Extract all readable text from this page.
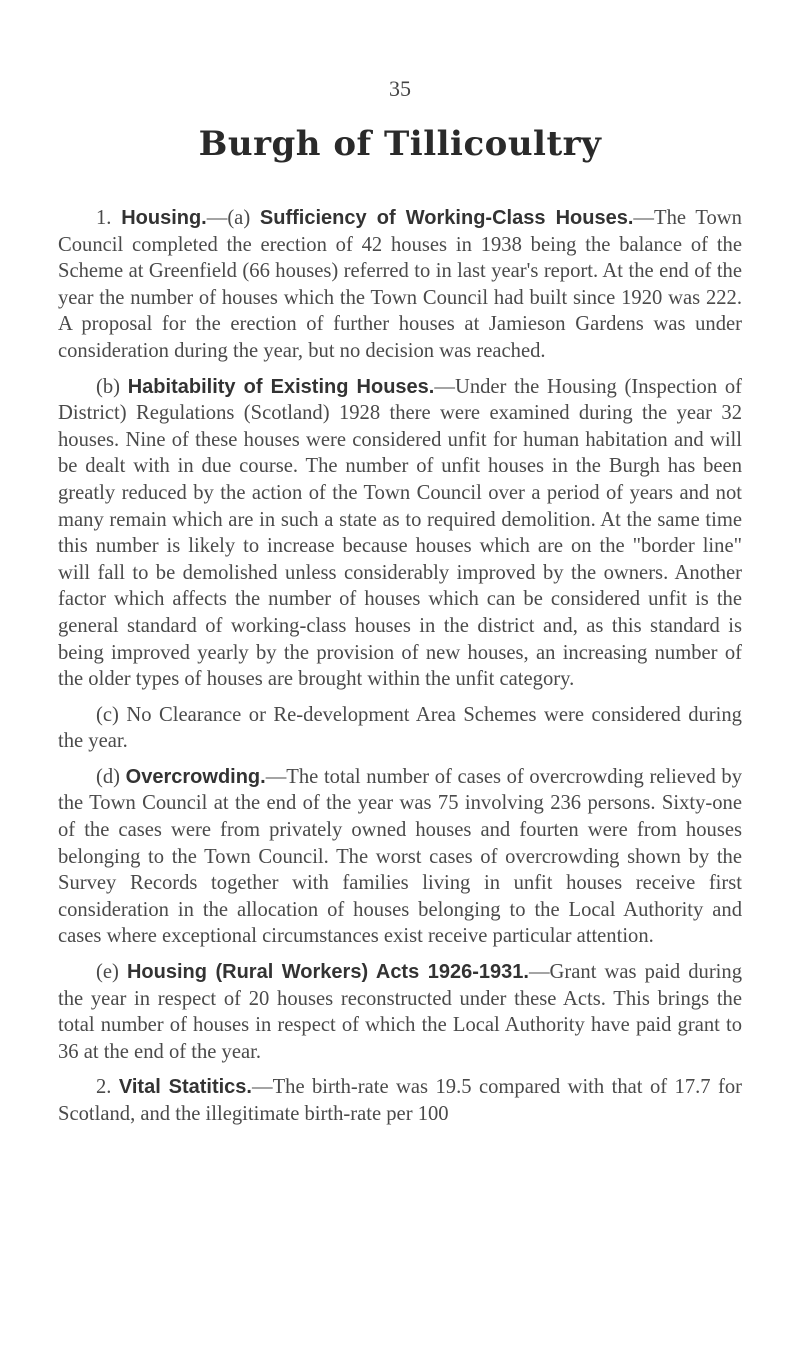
35
Burgh of Tillicoultry

1. Housing.—(a) Sufficiency of Working-Class Houses.—The Town Council completed the erection of 42 houses in 1938 being the balance of the Scheme at Greenfield (66 houses) referred to in last year's report. At the end of the year the number of houses which the Town Council had built since 1920 was 222. A proposal for the erection of further houses at Jamieson Gardens was under consideration during the year, but no decision was reached.

(b) Habitability of Existing Houses.—Under the Housing (Inspection of District) Regulations (Scotland) 1928 there were examined during the year 32 houses. Nine of these houses were considered unfit for human habitation and will be dealt with in due course. The number of unfit houses in the Burgh has been greatly reduced by the action of the Town Council over a period of years and not many remain which are in such a state as to required demolition. At the same time this number is likely to increase because houses which are on the "border line" will fall to be demolished unless considerably improved by the owners. Another factor which affects the number of houses which can be considered unfit is the general standard of working-class houses in the district and, as this standard is being improved yearly by the provision of new houses, an increasing number of the older types of houses are brought within the unfit category.

(c) No Clearance or Re-development Area Schemes were considered during the year.

(d) Overcrowding.—The total number of cases of overcrowding relieved by the Town Council at the end of the year was 75 involving 236 persons. Sixty-one of the cases were from privately owned houses and fourten were from houses belonging to the Town Council. The worst cases of overcrowding shown by the Survey Records together with families living in unfit houses receive first consideration in the allocation of houses belonging to the Local Authority and cases where exceptional circumstances exist receive particular attention.

(e) Housing (Rural Workers) Acts 1926-1931.—Grant was paid during the year in respect of 20 houses reconstructed under these Acts. This brings the total number of houses in respect of which the Local Authority have paid grant to 36 at the end of the year.

2. Vital Statitics.—The birth-rate was 19.5 compared with that of 17.7 for Scotland, and the illegitimate birth-rate per 100
